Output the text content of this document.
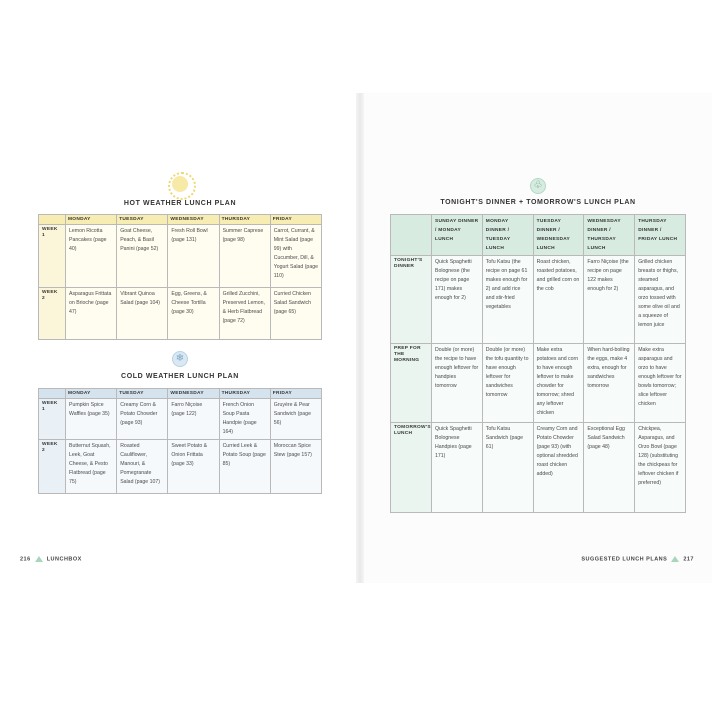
HOT WEATHER LUNCH PLAN
	MONDAY	TUESDAY	WEDNESDAY	THURSDAY	FRIDAY
WEEK 1	Lemon Ricotta Pancakes (page 40)	Goat Cheese, Peach, & Basil Panini (page 52)	Fresh Roll Bowl (page 131)	Summer Caprese (page 98)	Carrot, Currant, & Mint Salad (page 99) with Cucumber, Dill, & Yogurt Salad (page 110)
WEEK 2	Asparagus Frittata on Brioche (page 47)	Vibrant Quinoa Salad (page 104)	Egg, Greens, & Cheese Tortilla (page 30)	Grilled Zucchini, Preserved Lemon, & Herb Flatbread (page 72)	Curried Chicken Salad Sandwich (page 65)
❄
COLD WEATHER LUNCH PLAN
	MONDAY	TUESDAY	WEDNESDAY	THURSDAY	FRIDAY
WEEK 1	Pumpkin Spice Waffles (page 35)	Creamy Corn & Potato Chowder (page 93)	Farro Niçoise (page 122)	French Onion Soup Pasta Handpie (page 164)	Gruyère & Pear Sandwich (page 56)
WEEK 2	Butternut Squash, Leek, Goat Cheese, & Pesto Flatbread (page 75)	Roasted Cauliflower, Manouri, & Pomegranate Salad (page 107)	Sweet Potato & Onion Frittata (page 33)	Curried Leek & Potato Soup (page 85)	Moroccan Spice Stew (page 157)
♧
TONIGHT'S DINNER + TOMORROW'S LUNCH PLAN
	SUNDAY DINNER / MONDAY LUNCH	MONDAY DINNER / TUESDAY LUNCH	TUESDAY DINNER / WEDNESDAY LUNCH	WEDNESDAY DINNER / THURSDAY LUNCH	THURSDAY DINNER / FRIDAY LUNCH
TONIGHT'S DINNER	Quick Spaghetti Bolognese (the recipe on page 171) makes enough for 2)	Tofu Katsu (the recipe on page 61 makes enough for 2) and add rice and stir-fried vegetables	Roast chicken, roasted potatoes, and grilled corn on the cob	Farro Niçoise (the recipe on page 122 makes enough for 2)	Grilled chicken breasts or thighs, steamed asparagus, and orzo tossed with some olive oil and a squeeze of lemon juice
PREP FOR THE MORNING	Double (or more) the recipe to have enough leftover for handpies tomorrow	Double (or more) the tofu quantity to have enough leftover for sandwiches tomorrow	Make extra potatoes and corn to have enough leftover to make chowder for tomorrow; shred any leftover chicken	When hard-boiling the eggs, make 4 extra, enough for sandwiches tomorrow	Make extra asparagus and orzo to have enough leftover for bowls tomorrow; slice leftover chicken
TOMORROW'S LUNCH	Quick Spaghetti Bolognese Handpies (page 171)	Tofu Katsu Sandwich (page 61)	Creamy Corn and Potato Chowder (page 93) (with optional shredded roast chicken added)	Exceptional Egg Salad Sandwich (page 48)	Chickpea, Asparagus, and Orzo Bowl (page 128) (substituting the chickpeas for leftover chicken if preferred)
216	LUNCHBOX	SUGGESTED LUNCH PLANS	217
